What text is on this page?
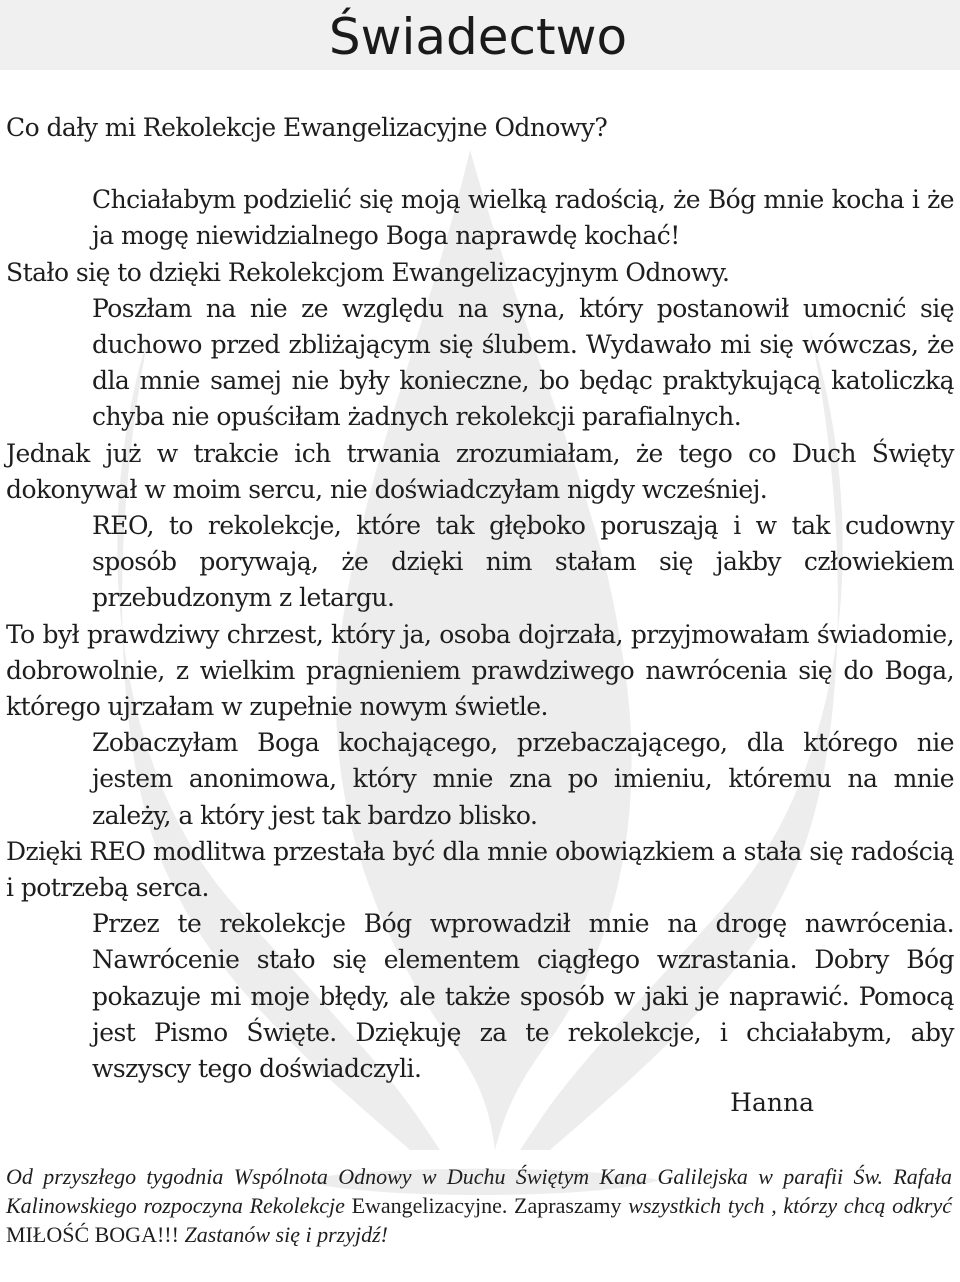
Świadectwo

Co dały mi Rekolekcje Ewangelizacyjne Odnowy?

Chciałabym podzielić się moją wielką radością, że Bóg mnie kocha i że ja mogę niewidzialnego Boga naprawdę kochać!

Stało się to dzięki Rekolekcjom Ewangelizacyjnym Odnowy.

Poszłam na nie ze względu na syna, który postanowił umocnić się duchowo przed zbliżającym się ślubem. Wydawało mi się wówczas, że dla mnie samej nie były konieczne, bo będąc praktykującą katoliczką chyba nie opuściłam żadnych rekolekcji parafialnych.

Jednak już w trakcie ich trwania zrozumiałam, że tego co Duch Święty dokonywał w moim sercu, nie doświadczyłam nigdy wcześniej.

REO, to rekolekcje, które tak głęboko poruszają i w tak cudowny sposób porywają, że dzięki nim stałam się jakby człowiekiem przebudzonym z letargu.

To był prawdziwy chrzest, który ja, osoba dojrzała, przyjmowałam świadomie, dobrowolnie, z wielkim pragnieniem prawdziwego nawrócenia się do Boga, którego ujrzałam w zupełnie nowym świetle.

Zobaczyłam Boga kochającego, przebaczającego, dla którego nie jestem anonimowa, który mnie zna po imieniu, któremu na mnie zależy, a który jest tak bardzo blisko.

Dzięki REO modlitwa przestała być dla mnie obowiązkiem a stała się radością i potrzebą serca.

Przez te rekolekcje Bóg wprowadził mnie na drogę nawrócenia. Nawrócenie stało się elementem ciągłego wzrastania. Dobry Bóg pokazuje mi moje błędy, ale także sposób w jaki je naprawić. Pomocą jest Pismo Święte. Dziękuję za te rekolekcje, i chciałabym, aby wszyscy tego doświadczyli.

Hanna
Od przyszłego tygodnia Wspólnota Odnowy w Duchu Świętym Kana Galilejska w parafii Św. Rafała Kalinowskiego rozpoczyna Rekolekcje Ewangelizacyjne. Zapraszamy wszystkich tych , którzy chcą odkryć MIŁOŚĆ BOGA!!! Zastanów się i przyjdź!
